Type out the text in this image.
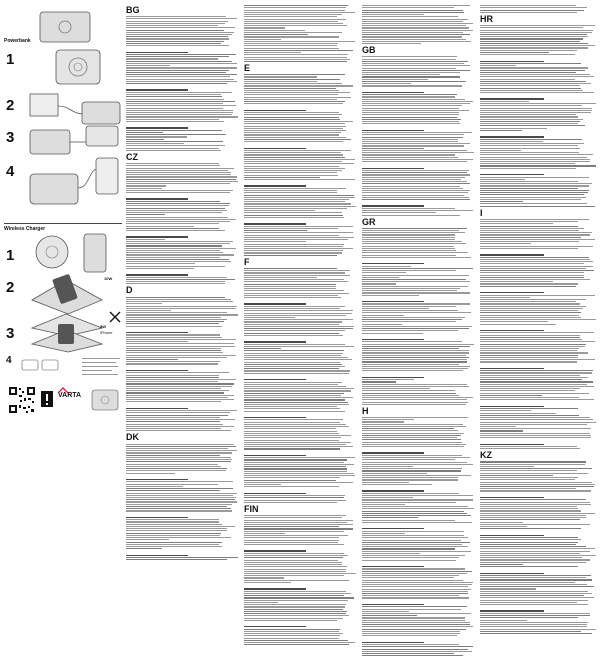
Powerbank
1
2
3
4
Wireless Charger
1
2
10W
3	5W
iPhone
4
VARTA
BG
CZ
D
DK
E
F
FIN
GB
GR
H
HR
I
KZ
